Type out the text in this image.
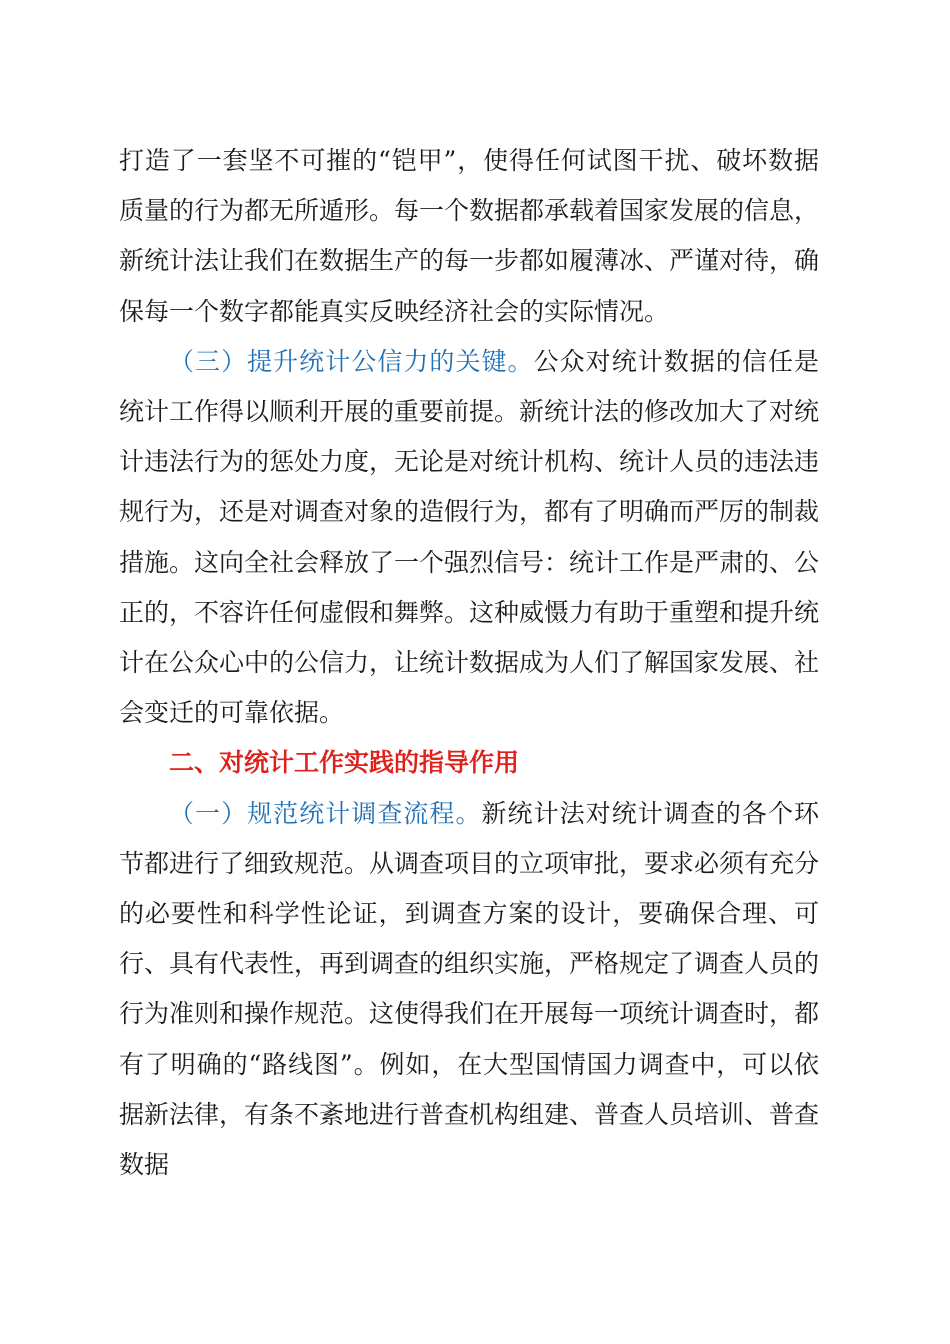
打造了一套坚不可摧的“铠甲”，使得任何试图干扰、破坏数据质量的行为都无所遁形。每一个数据都承载着国家发展的信息，新统计法让我们在数据生产的每一步都如履薄冰、严谨对待，确保每一个数字都能真实反映经济社会的实际情况。

（三）提升统计公信力的关键。公众对统计数据的信任是统计工作得以顺利开展的重要前提。新统计法的修改加大了对统计违法行为的惩处力度，无论是对统计机构、统计人员的违法违规行为，还是对调查对象的造假行为，都有了明确而严厉的制裁措施。这向全社会释放了一个强烈信号：统计工作是严肃的、公正的，不容许任何虚假和舞弊。这种威慑力有助于重塑和提升统计在公众心中的公信力，让统计数据成为人们了解国家发展、社会变迁的可靠依据。

二、对统计工作实践的指导作用

（一）规范统计调查流程。新统计法对统计调查的各个环节都进行了细致规范。从调查项目的立项审批，要求必须有充分的必要性和科学性论证，到调查方案的设计，要确保合理、可行、具有代表性，再到调查的组织实施，严格规定了调查人员的行为准则和操作规范。这使得我们在开展每一项统计调查时，都有了明确的“路线图”。例如，在大型国情国力调查中，可以依据新法律，有条不紊地进行普查机构组建、普查人员培训、普查数据
